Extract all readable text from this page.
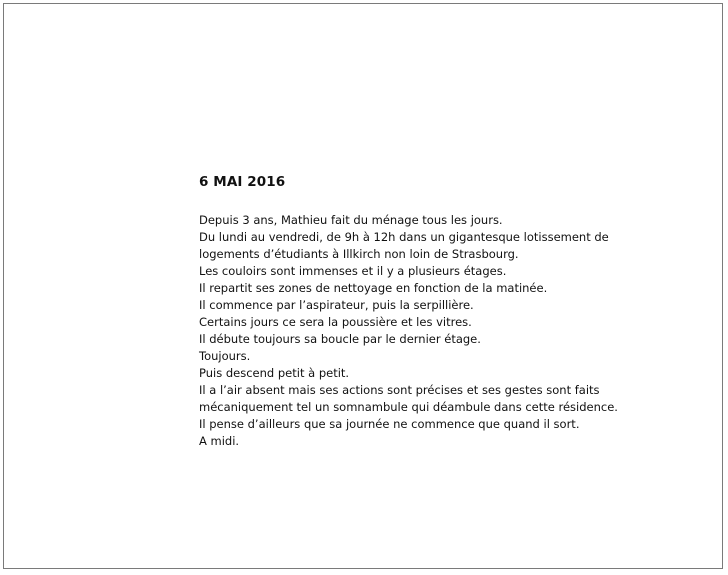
6 MAI 2016
Depuis 3 ans, Mathieu fait du ménage tous les jours.
Du lundi au vendredi, de 9h à 12h dans un gigantesque lotissement de
logements d’étudiants à Illkirch non loin de Strasbourg.
Les couloirs sont immenses et il y a plusieurs étages.
Il repartit ses zones de nettoyage en fonction de la matinée.
Il commence par l’aspirateur, puis la serpillière.
Certains jours ce sera la poussière et les vitres.
Il débute toujours sa boucle par le dernier étage.
Toujours.
Puis descend petit à petit.
Il a l’air absent mais ses actions sont précises et ses gestes sont faits
mécaniquement tel un somnambule qui déambule dans cette résidence.
Il pense d’ailleurs que sa journée ne commence que quand il sort.
A midi.
